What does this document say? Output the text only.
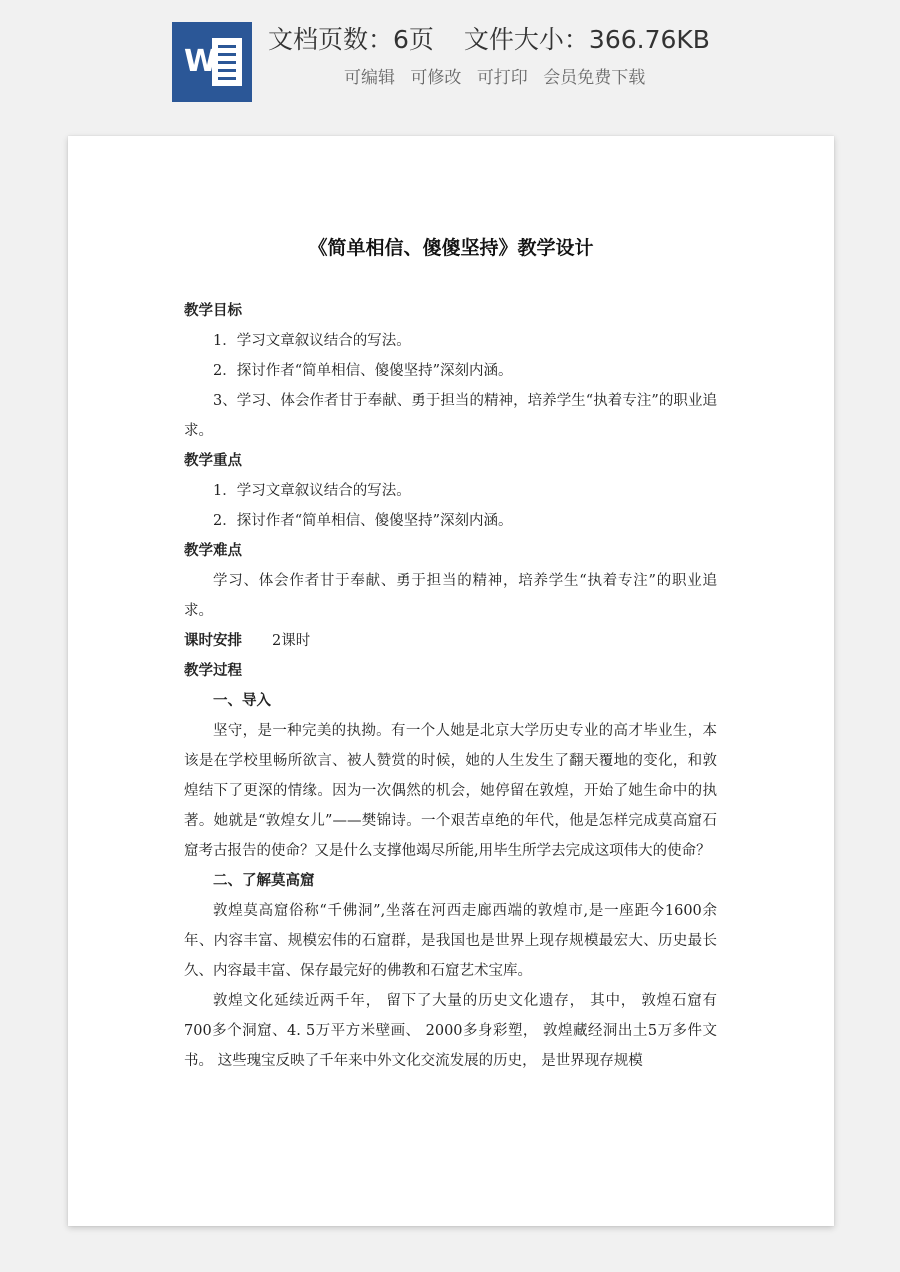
W
文档页数：6页 文件大小：366.76KB
可编辑 可修改 可打印 会员免费下载
《简单相信、傻傻坚持》教学设计

教学目标

1．学习文章叙议结合的写法。

2．探讨作者“简单相信、傻傻坚持”深刻内涵。

3、学习、体会作者甘于奉献、勇于担当的精神，培养学生“执着专注”的职业追求。

教学重点

1．学习文章叙议结合的写法。

2．探讨作者“简单相信、傻傻坚持”深刻内涵。

教学难点

学习、体会作者甘于奉献、勇于担当的精神，培养学生“执着专注”的职业追求。

课时安排 2课时

教学过程

一、导入

坚守，是一种完美的执拗。有一个人她是北京大学历史专业的高才毕业生，本该是在学校里畅所欲言、被人赞赏的时候，她的人生发生了翻天覆地的变化，和敦煌结下了更深的情缘。因为一次偶然的机会，她停留在敦煌，开始了她生命中的执著。她就是“敦煌女儿”——樊锦诗。一个艰苦卓绝的年代，他是怎样完成莫高窟石窟考古报告的使命？又是什么支撑他竭尽所能,用毕生所学去完成这项伟大的使命？

二、了解莫高窟

敦煌莫高窟俗称“千佛洞”,坐落在河西走廊西端的敦煌市,是一座距今1600余年、内容丰富、规模宏伟的石窟群，是我国也是世界上现存规模最宏大、历史最长久、内容最丰富、保存最完好的佛教和石窟艺术宝库。

敦煌文化延续近两千年， 留下了大量的历史文化遗存， 其中， 敦煌石窟有700多个洞窟、4. 5万平方米壁画、 2000多身彩塑， 敦煌藏经洞出土5万多件文书。 这些瑰宝反映了千年来中外文化交流发展的历史， 是世界现存规模
